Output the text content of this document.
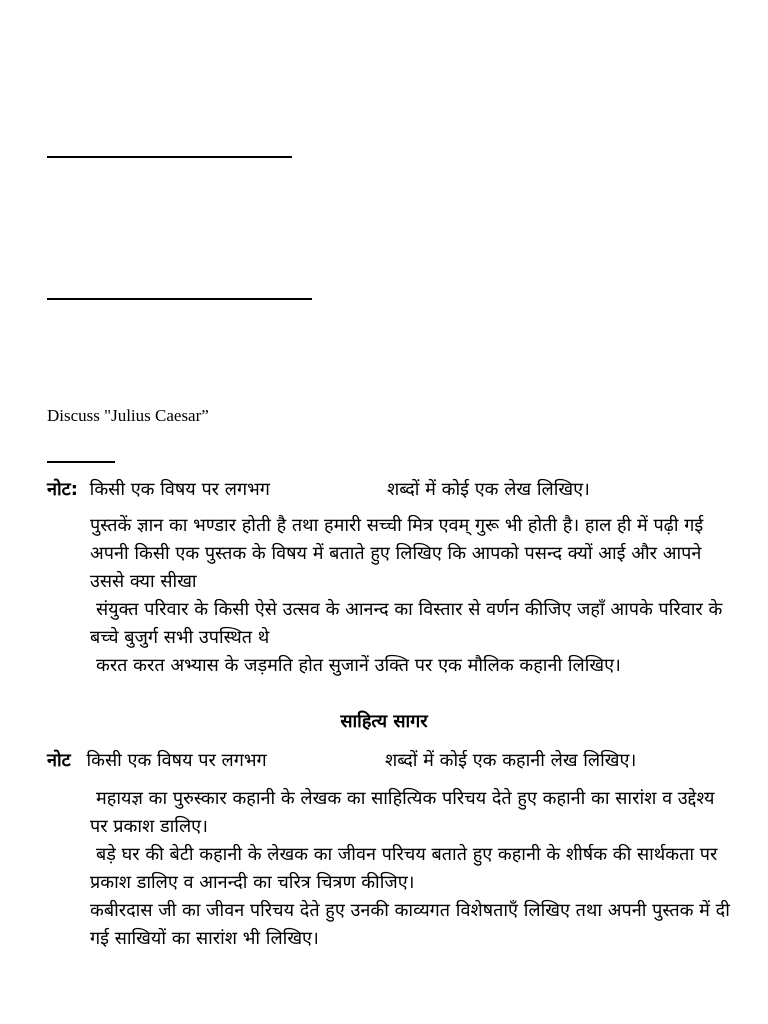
Discuss "Julius Caesar”
नोट: किसी एक विषय पर लगभग	शब्दों में कोई एक लेख लिखिए।
पुस्तकें ज्ञान का भण्डार होती है तथा हमारी सच्ची मित्र एवम् गुरू भी होती है। हाल ही में पढ़ी गई अपनी किसी एक पुस्तक के विषय में बताते हुए लिखिए कि आपको पसन्द क्यों आई और आपने उससे क्या सीखा
संयुक्त परिवार के किसी ऐसे उत्सव के आनन्द का विस्तार से वर्णन कीजिए जहाँ आपके परिवार के बच्चे बुजुर्ग सभी उपस्थित थे
करत करत अभ्यास के जड़मति होत सुजानें उक्ति पर एक मौलिक कहानी लिखिए।
साहित्य सागर
नोट किसी एक विषय पर लगभग	शब्दों में कोई एक कहानी लेख लिखिए।
महायज्ञ का पुरुस्कार कहानी के लेखक का साहित्यिक परिचय देते हुए कहानी का सारांश व उद्देश्य पर प्रकाश डालिए।
बड़े घर की बेटी कहानी के लेखक का जीवन परिचय बताते हुए कहानी के शीर्षक की सार्थकता पर प्रकाश डालिए व आनन्दी का चरित्र चित्रण कीजिए।
कबीरदास जी का जीवन परिचय देते हुए उनकी काव्यगत विशेषताएँ लिखिए तथा अपनी पुस्तक में दी गई साखियों का सारांश भी लिखिए।
